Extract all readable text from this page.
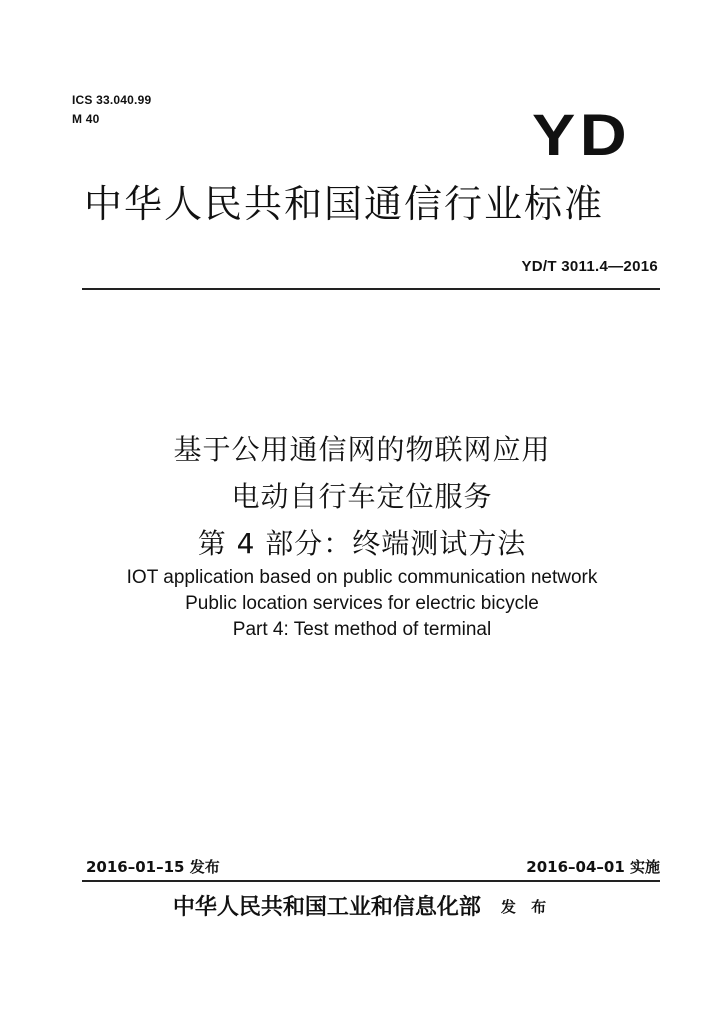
ICS 33.040.99
M 40	YD
中华人民共和国通信行业标准
YD/T 3011.4—2016
基于公用通信网的物联网应用
电动自行车定位服务
第 4 部分：终端测试方法
IOT application based on public communication network
Public location services for electric bicycle
Part 4: Test method of terminal
2016–01–15 发布	2016–04–01 实施
中华人民共和国工业和信息化部 发 布
